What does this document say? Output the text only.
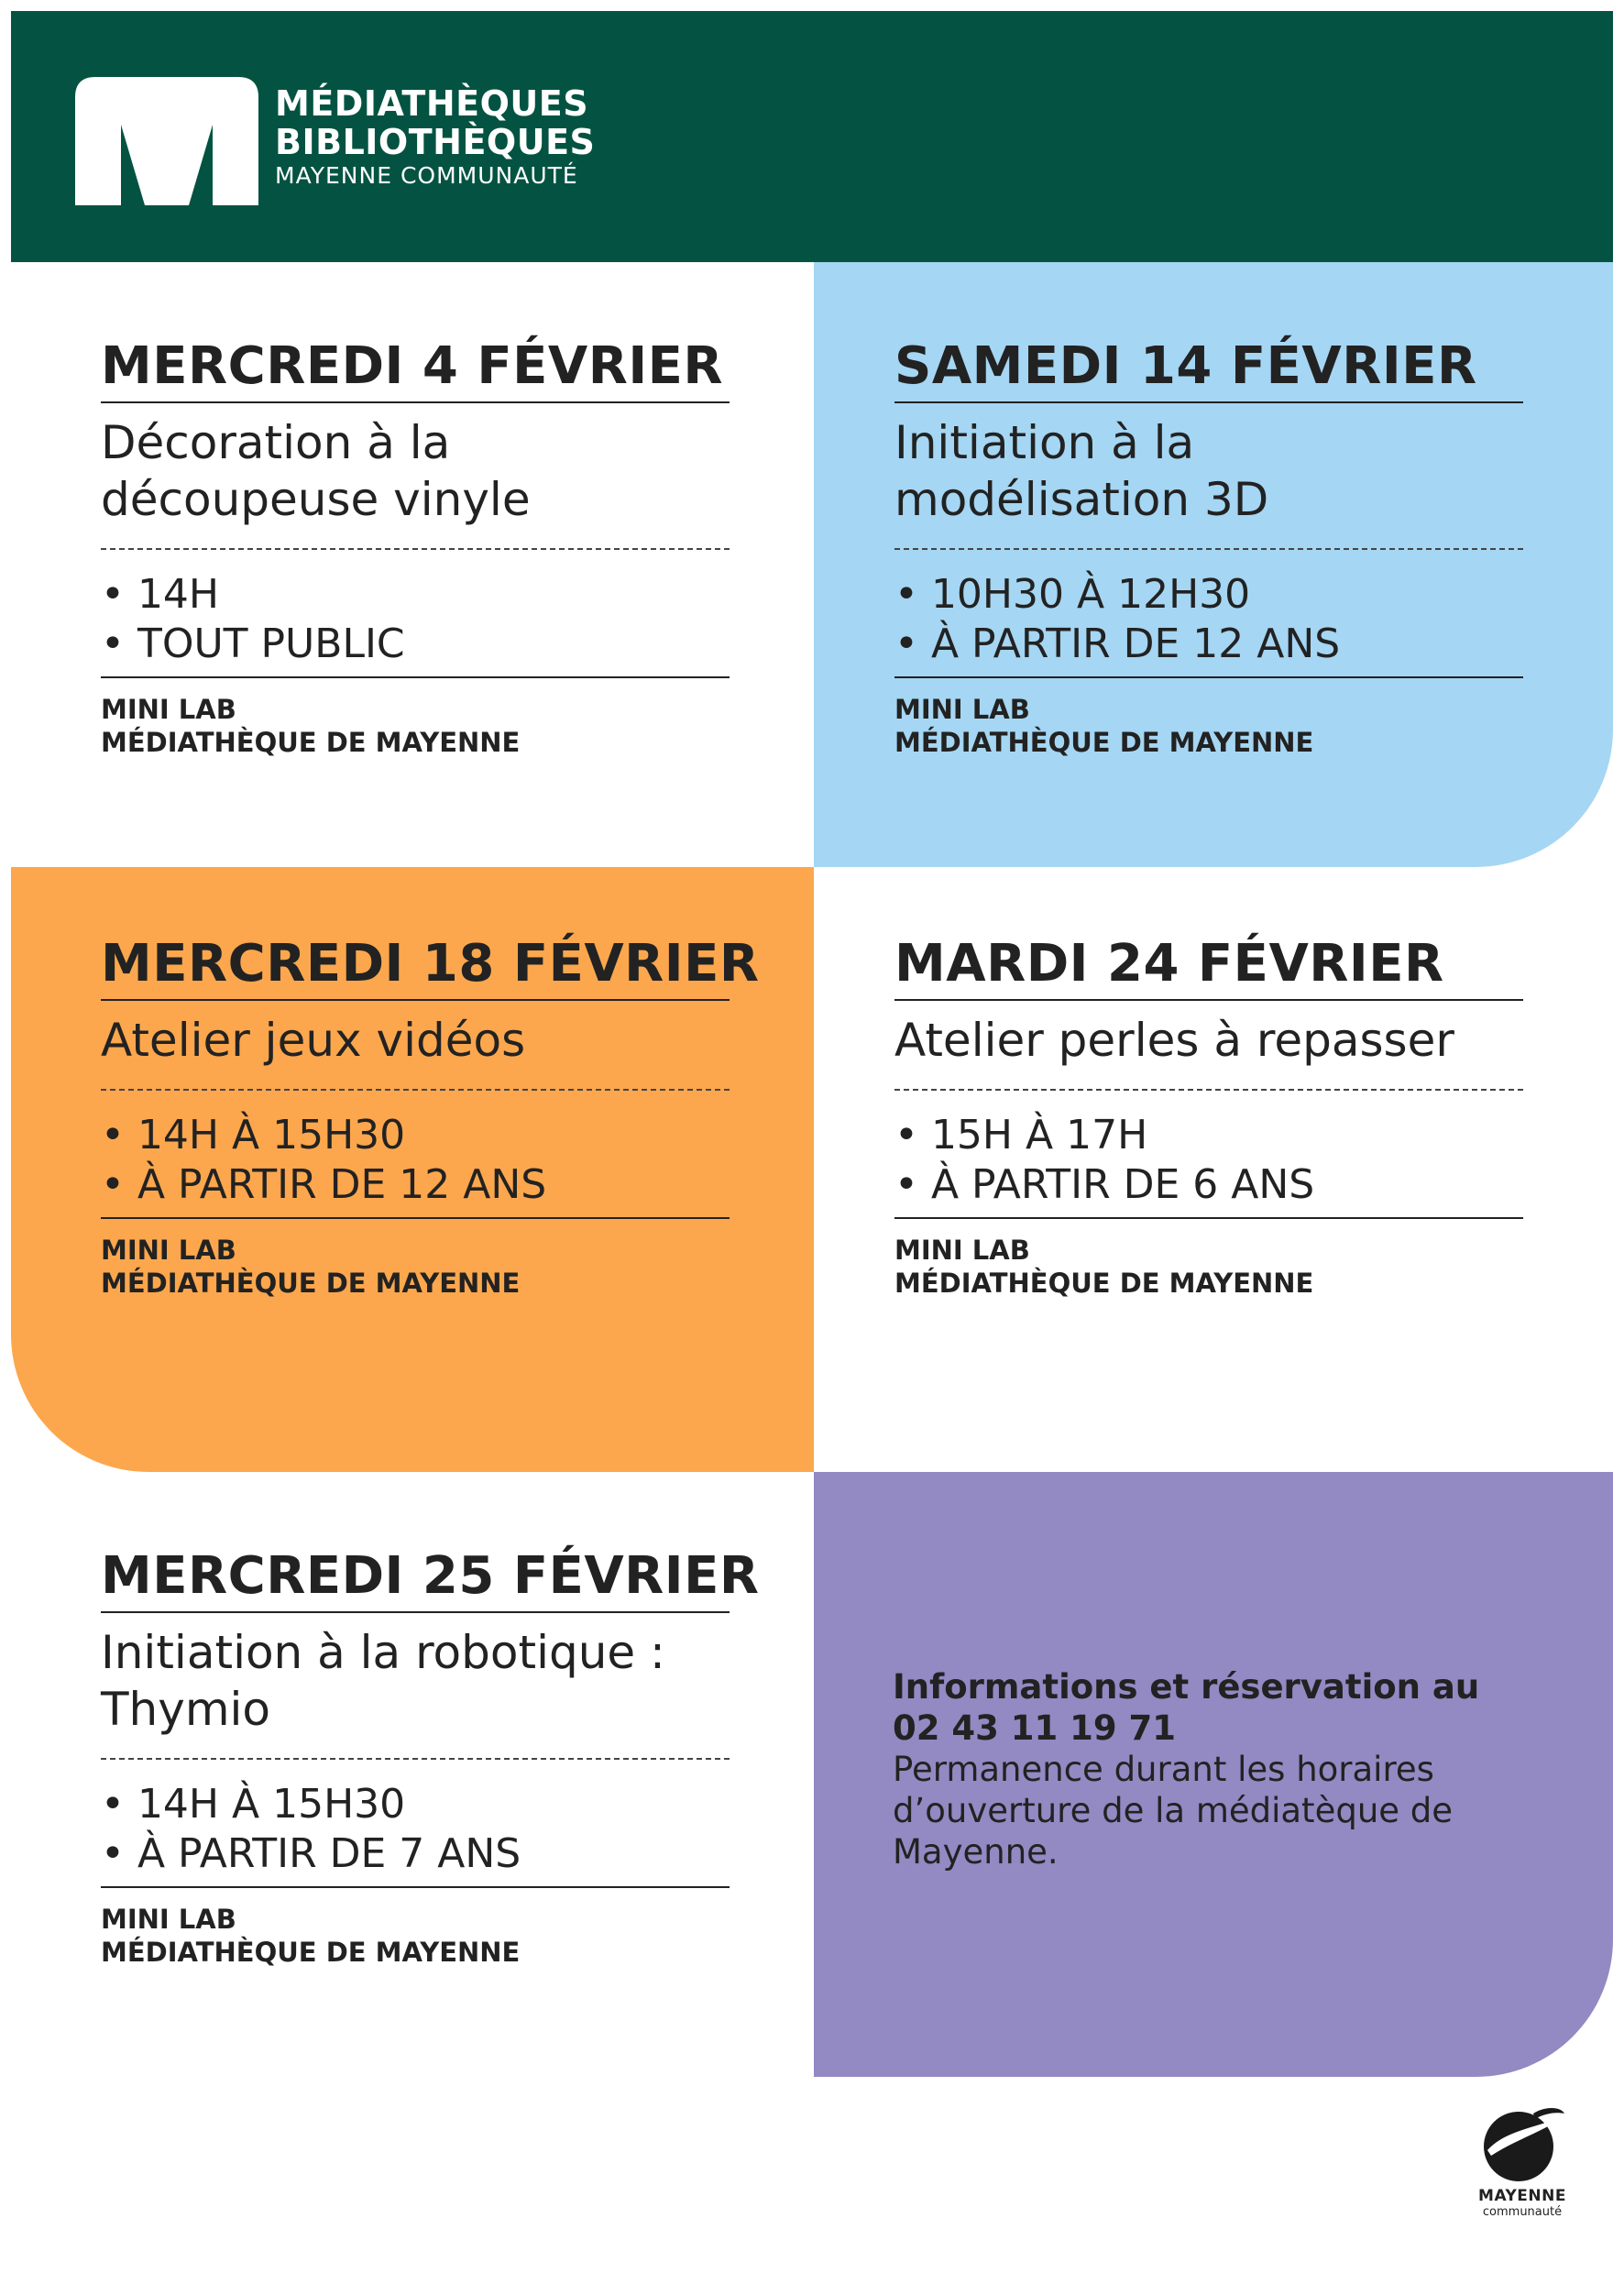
MÉDIATHÈQUES
BIBLIOTHÈQUES
MAYENNE COMMUNAUTÉ
MERCREDI 4 FÉVRIER
Décoration à la
découpeuse vinyle
• 14H
• TOUT PUBLIC
MINI LAB
MÉDIATHÈQUE DE MAYENNE
SAMEDI 14 FÉVRIER
Initiation à la
modélisation 3D
• 10H30 À 12H30
• À PARTIR DE 12 ANS
MINI LAB
MÉDIATHÈQUE DE MAYENNE
MERCREDI 18 FÉVRIER
Atelier jeux vidéos
• 14H À 15H30
• À PARTIR DE 12 ANS
MINI LAB
MÉDIATHÈQUE DE MAYENNE
MARDI 24 FÉVRIER
Atelier perles à repasser
• 15H À 17H
• À PARTIR DE 6 ANS
MINI LAB
MÉDIATHÈQUE DE MAYENNE
MERCREDI 25 FÉVRIER
Initiation à la robotique :
Thymio
• 14H À 15H30
• À PARTIR DE 7 ANS
MINI LAB
MÉDIATHÈQUE DE MAYENNE
Informations et réservation au
02 43 11 19 71
Permanence durant les horaires
d’ouverture de la médiatèque de
Mayenne.
MAYENNE
communauté
